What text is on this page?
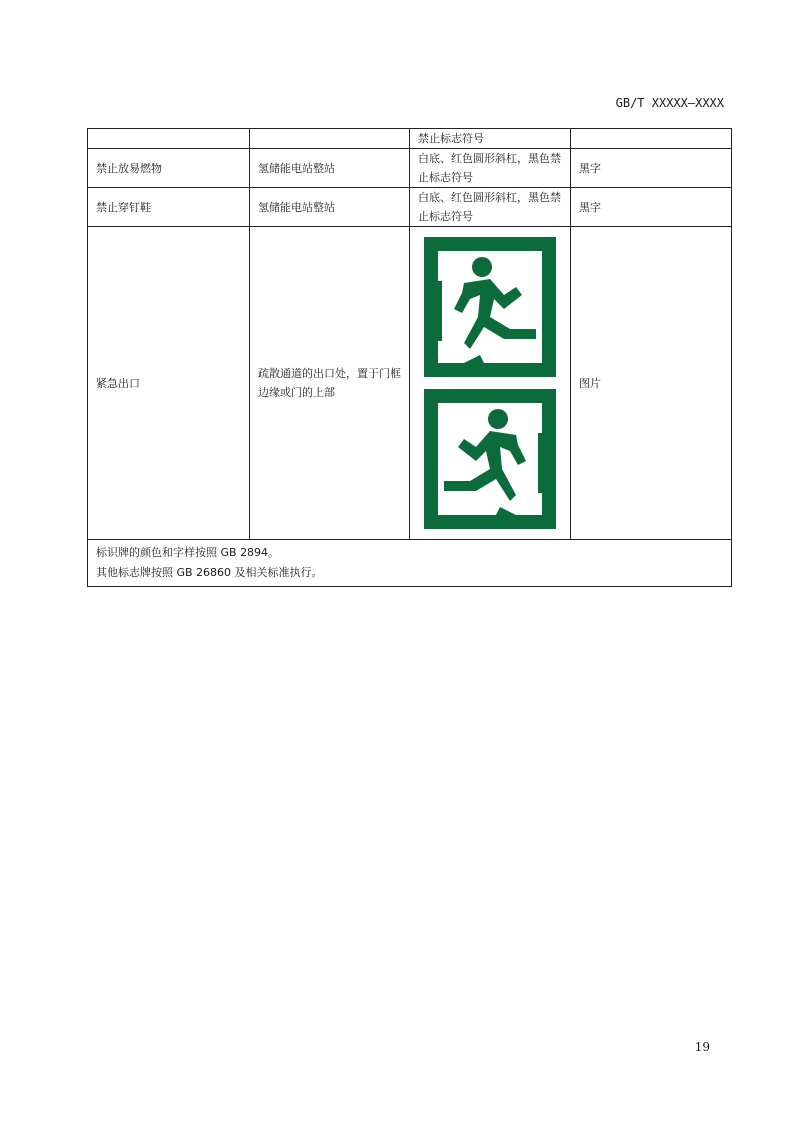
GB/T XXXXX—XXXX
		禁止标志符号	
禁止放易燃物	氢储能电站整站	白底、红色圆形斜杠，黑色禁止标志符号	黑字
禁止穿钉鞋	氢储能电站整站	白底、红色圆形斜杠，黑色禁止标志符号	黑字
紧急出口	疏散通道的出口处，置于门框边缘或门的上部		图片

标识牌的颜色和字样按照 GB 2894。
其他标志牌按照 GB 26860 及相关标准执行。			
19
